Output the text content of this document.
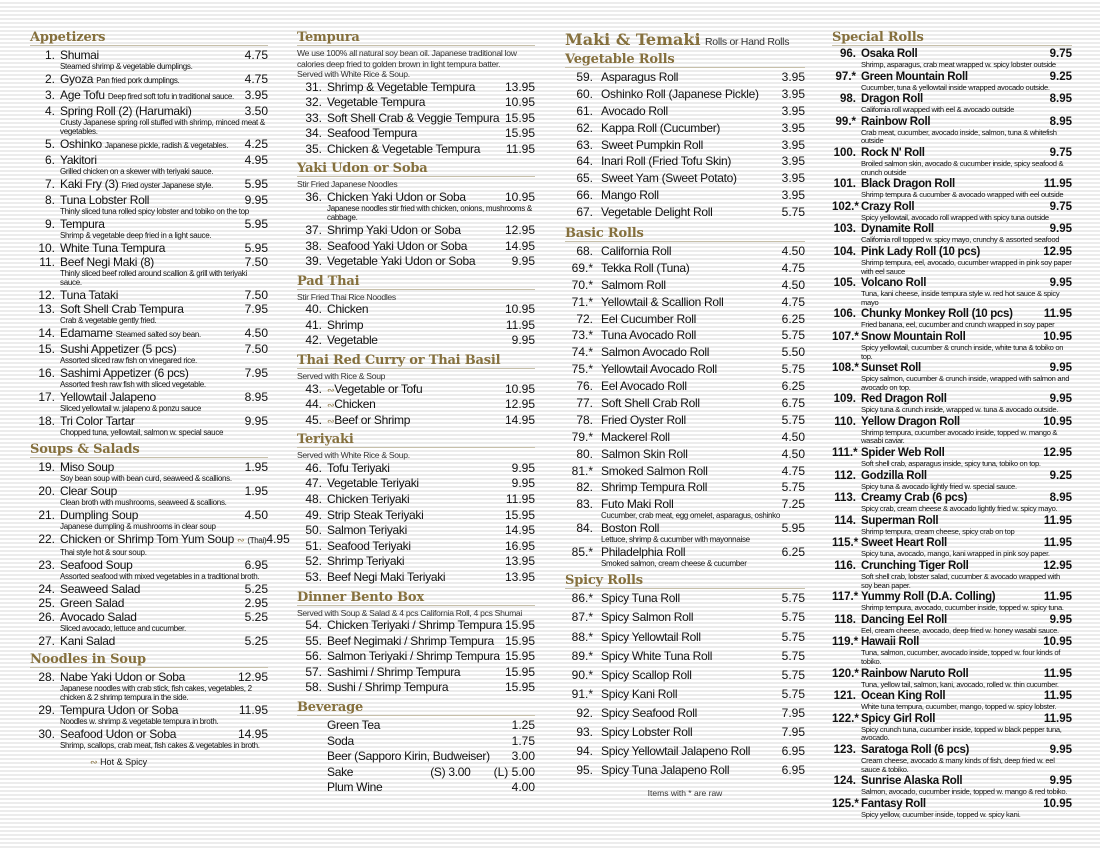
Appetizers
1. Shumai	4.75
Steamed shrimp & vegetable dumplings.
2. Gyoza Pan fried pork dumplings.	4.75
3. Age Tofu Deep fired soft tofu in traditional sauce. 3.95
4. Spring Roll (2) (Harumaki)	3.50
Crusty Japanese spring roll stuffed with shrimp, minced meat & vegetables.
5. Oshinko Japanese pickle, radish & vegetables. 4.25
6. Yakitori	4.95
Grilled chicken on a skewer with teriyaki sauce.
7. Kaki Fry (3) Fried oyster Japanese style.	5.95
8. Tuna Lobster Roll	9.95
Thinly sliced tuna rolled spicy lobster and tobiko on the top
9. Tempura	5.95
Shrimp & vegetable deep fried in a light sauce.
10. White Tuna Tempura	5.95
11. Beef Negi Maki (8)	7.50
Thinly sliced beef rolled around scallion & grill with teriyaki sauce.
12. Tuna Tataki	7.50
13. Soft Shell Crab Tempura	7.95
Crab & vegetable gently fried.
14. Edamame Steamed salted soy bean.	4.50
15. Sushi Appetizer (5 pcs)	7.50
Assorted sliced raw fish on vinegared rice.
16. Sashimi Appetizer (6 pcs)	7.95
Assorted fresh raw fish with sliced vegetable.
17. Yellowtail Jalapeno	8.95
Sliced yellowtail w. jalapeno & ponzu sauce
18. Tri Color Tartar	9.95
Chopped tuna, yellowtail, salmon w. special sauce
Soups & Salads
19. Miso Soup	1.95
Soy bean soup with bean curd, seaweed & scallions.
20. Clear Soup	1.95
Clean broth with mushrooms, seaweed & scallions.
21. Dumpling Soup	4.50
Japanese dumpling & mushrooms in clear soup
22. Chicken or Shrimp Tom Yum Soup ∾ (Thai) 4.95
Thai style hot & sour soup.
23. Seafood Soup	6.95
Assorted seafood with mixed vegetables in a traditional broth.
24. Seaweed Salad	5.25
25. Green Salad	2.95
26. Avocado Salad	5.25
Sliced avocado, lettuce and cucumber.
27. Kani Salad	5.25
Noodles in Soup
28. Nabe Yaki Udon or Soba	12.95
Japanese noodles with crab stick, fish cakes, vegetables, 2 chicken & 2 shrimp tempura in the side.
29. Tempura Udon or Soba	11.95
Noodles w. shrimp & vegetable tempura in broth.
30. Seafood Udon or Soba	14.95
Shrimp, scallops, crab meat, fish cakes & vegetables in broth.
∾ Hot & Spicy
Tempura
We use 100% all natural soy bean oil. Japanese traditional low calories deep fried to golden brown in light tempura batter.
Served with White Rice & Soup.
31. Shrimp & Vegetable Tempura 13.95
32. Vegetable Tempura	10.95
33. Soft Shell Crab & Veggie Tempura 15.95
34. Seafood Tempura	15.95
35. Chicken & Vegetable Tempura 11.95
Yaki Udon or Soba
Stir Fried Japanese Noodles
36. Chicken Yaki Udon or Soba	10.95
Japanese noodles stir fried with chicken, onions, mushrooms & cabbage.
37. Shrimp Yaki Udon or Soba	12.95
38. Seafood Yaki Udon or Soba	14.95
39. Vegetable Yaki Udon or Soba	9.95
Pad Thai
Stir Fried Thai Rice Noodles
40. Chicken	10.95
41. Shrimp	11.95
42. Vegetable	9.95
Thai Red Curry or Thai Basil
Served with Rice & Soup
43. ∾Vegetable or Tofu	10.95
44. ∾Chicken	12.95
45. ∾Beef or Shrimp	14.95
Teriyaki
Served with White Rice & Soup.
46. Tofu Teriyaki	9.95
47. Vegetable Teriyaki	9.95
48. Chicken Teriyaki	11.95
49. Strip Steak Teriyaki	15.95
50. Salmon Teriyaki	14.95
51. Seafood Teriyaki	16.95
52. Shrimp Teriyaki	13.95
53. Beef Negi Maki Teriyaki	13.95
Dinner Bento Box
Served with Soup & Salad & 4 pcs California Roll, 4 pcs Shumai
54. Chicken Teriyaki / Shrimp Tempura 15.95
55. Beef Negimaki / Shrimp Tempura 15.95
56. Salmon Teriyaki / Shrimp Tempura 15.95
57. Sashimi / Shrimp Tempura	15.95
58. Sushi / Shrimp Tempura	15.95
Beverage
Green Tea	1.25
Soda	1.75
Beer (Sapporo Kirin, Budweiser) 3.00
Sake	(S) 3.00 (L) 5.00
Plum Wine	4.00
Maki & Temaki Rolls or Hand Rolls
Vegetable Rolls
59. Asparagus Roll	3.95
60. Oshinko Roll (Japanese Pickle) 3.95
61. Avocado Roll	3.95
62. Kappa Roll (Cucumber)	3.95
63. Sweet Pumpkin Roll	3.95
64. Inari Roll (Fried Tofu Skin)	3.95
65. Sweet Yam (Sweet Potato)	3.95
66. Mango Roll	3.95
67. Vegetable Delight Roll	5.75
Basic Rolls
68. California Roll	4.50
69.* Tekka Roll (Tuna)	4.75
70.* Salmom Roll	4.50
71.* Yellowtail & Scallion Roll	4.75
72. Eel Cucumber Roll	6.25
73.* Tuna Avocado Roll	5.75
74.* Salmon Avocado Roll	5.50
75.* Yellowtail Avocado Roll	5.75
76. Eel Avocado Roll	6.25
77. Soft Shell Crab Roll	6.75
78. Fried Oyster Roll	5.75
79.* Mackerel Roll	4.50
80. Salmon Skin Roll	4.50
81.* Smoked Salmon Roll	4.75
82. Shrimp Tempura Roll	5.75
83. Futo Maki Roll	7.25
Cucumber, crab meat, egg omelet, asparagus, oshinko
84. Boston Roll	5.95
Lettuce, shrimp & cucumber with mayonnaise
85.* Philadelphia Roll	6.25
Smoked salmon, cream cheese & cucumber
Spicy Rolls
86.* Spicy Tuna Roll	5.75
87.* Spicy Salmon Roll	5.75
88.* Spicy Yellowtail Roll	5.75
89.* Spicy White Tuna Roll	5.75
90.* Spicy Scallop Roll	5.75
91.* Spicy Kani Roll	5.75
92. Spicy Seafood Roll	7.95
93. Spicy Lobster Roll	7.95
94. Spicy Yellowtail Jalapeno Roll	6.95
95. Spicy Tuna Jalapeno Roll	6.95
Items with * are raw
Special Rolls
96. Osaka Roll	9.75
Shrimp, asparagus, crab meat wrapped w. spicy lobster outside
97.* Green Mountain Roll	9.25
Cucumber, tuna & yellowtail inside wrapped avocado outside.
98. Dragon Roll	8.95
California roll wrapped with eel & avocado outside
99.* Rainbow Roll	8.95
Crab meat, cucumber, avocado inside, salmon, tuna & whitefish outside
100. Rock N' Roll	9.75
Broiled salmon skin, avocado & cucumber inside, spicy seafood & crunch outside
101. Black Dragon Roll	11.95
Shrimp tempura & cucumber & avocado wrapped with eel outside
102.* Crazy Roll	9.75
Spicy yellowtail, avocado roll wrapped with spicy tuna outside
103. Dynamite Roll	9.95
California roll topped w. spicy mayo, crunchy & assorted seafood
104. Pink Lady Roll (10 pcs)	12.95
Shrimp tempura, eel, avocado, cucumber wrapped in pink soy paper with eel sauce
105. Volcano Roll	9.95
Tuna, kani cheese, inside tempura style w. red hot sauce & spicy mayo
106. Chunky Monkey Roll (10 pcs)	11.95
Fried banana, eel, cucumber and crunch wrapped in soy paper
107.* Snow Mountain Roll	10.95
Spicy yellowtail, cucumber & crunch inside, white tuna & tobiko on top.
108.* Sunset Roll	9.95
Spicy salmon, cucumber & crunch inside, wrapped with salmon and avocado on top.
109. Red Dragon Roll	9.95
Spicy tuna & crunch inside, wrapped w. tuna & avocado outside.
110. Yellow Dragon Roll	10.95
Shrimp tempura, cucumber avocado inside, topped w. mango & wasabi caviar.
111.* Spider Web Roll	12.95
Soft shell crab, asparagus inside, spicy tuna, tobiko on top.
112. Godzilla Roll	9.25
Spicy tuna & avocado lightly fried w. special sauce.
113. Creamy Crab (6 pcs)	8.95
Spicy crab, cream cheese & avocado lightly fried w. spicy mayo.
114. Superman Roll	11.95
Shrimp tempura, cream cheese, spicy crab on top
115.* Sweet Heart Roll	11.95
Spicy tuna, avocado, mango, kani wrapped in pink soy paper.
116. Crunching Tiger Roll	12.95
Soft shell crab, lobster salad, cucumber & avocado wrapped with soy bean paper.
117.* Yummy Roll (D.A. Colling)	11.95
Shrimp tempura, avocado, cucumber inside, topped w. spicy tuna.
118. Dancing Eel Roll	9.95
Eel, cream cheese, avocado, deep fried w. honey wasabi sauce.
119.* Hawaii Roll	10.95
Tuna, salmon, cucumber, avocado inside, topped w. four kinds of tobiko.
120.* Rainbow Naruto Roll	11.95
Tuna, yellow tail, salmon, kani, avocado, rolled w. thin cucumber.
121. Ocean King Roll	11.95
White tuna tempura, cucumber, mango, topped w. spicy lobster.
122.* Spicy Girl Roll	11.95
Spicy crunch tuna, cucumber inside, topped w black pepper tuna, avocado.
123. Saratoga Roll (6 pcs)	9.95
Cream cheese, avocado & many kinds of fish, deep fried w. eel sauce & tobiko.
124. Sunrise Alaska Roll	9.95
Salmon, avocado, cucumber inside, topped w. mango & red tobiko.
125.* Fantasy Roll	10.95
Spicy yellow, cucumber inside, topped w. spicy kani.
